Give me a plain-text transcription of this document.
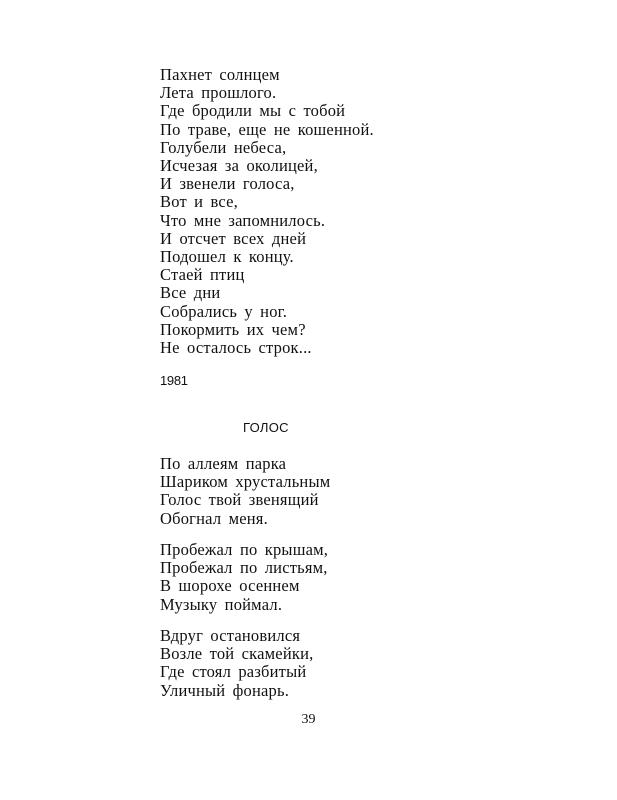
Пахнет солнцем
Лета прошлого.
Где бродили мы с тобой
По траве, еще не кошенной.
Голубели небеса,
Исчезая за околицей,
И звенели голоса,
Вот и все,
Что мне запомнилось.
И отсчет всех дней
Подошел к концу.
Стаей птиц
Все дни
Собрались у ног.
Покормить их чем?
Не осталось строк...
1981
ГОЛОС
По аллеям парка
Шариком хрустальным
Голос твой звенящий
Обогнал меня.
Пробежал по крышам,
Пробежал по листьям,
В шорохе осеннем
Музыку поймал.
Вдруг остановился
Возле той скамейки,
Где стоял разбитый
Уличный фонарь.
39
